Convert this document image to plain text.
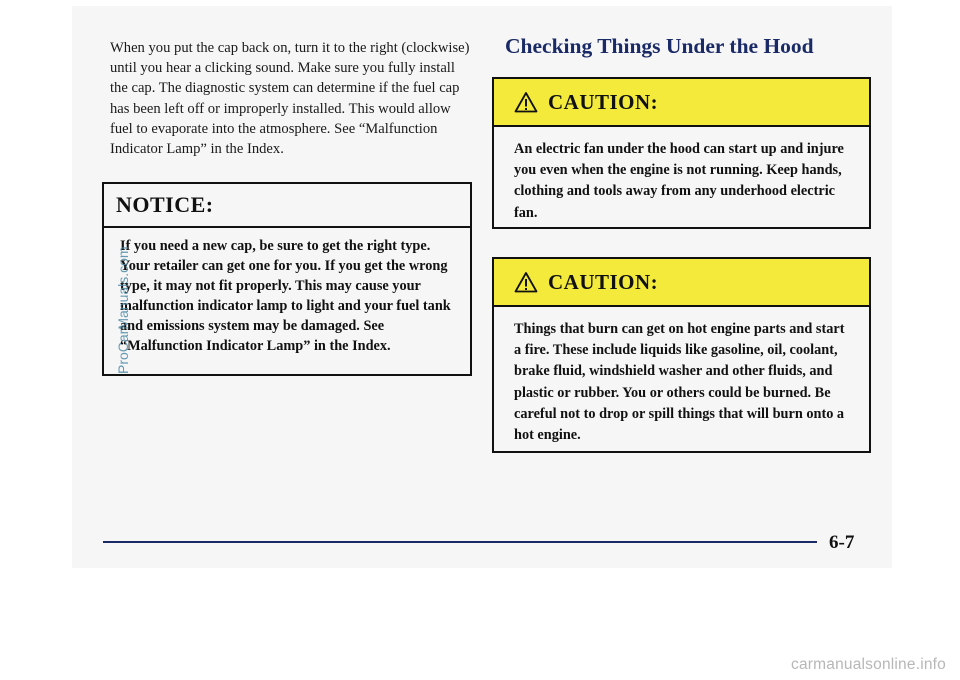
When you put the cap back on, turn it to the right (clockwise) until you hear a clicking sound. Make sure you fully install the cap. The diagnostic system can determine if the fuel cap has been left off or improperly installed. This would allow fuel to evaporate into the atmosphere. See “Malfunction Indicator Lamp” in the Index.

NOTICE:
If you need a new cap, be sure to get the right type. Your retailer can get one for you. If you get the wrong type, it may not fit properly. This may cause your malfunction indicator lamp to light and your fuel tank and emissions system may be damaged. See “Malfunction Indicator Lamp” in the Index.
Checking Things Under the Hood
CAUTION:
An electric fan under the hood can start up and injure you even when the engine is not running. Keep hands, clothing and tools away from any underhood electric fan.
CAUTION:
Things that burn can get on hot engine parts and start a fire. These include liquids like gasoline, oil, coolant, brake fluid, windshield washer and other fluids, and plastic or rubber. You or others could be burned. Be careful not to drop or spill things that will burn onto a hot engine.
6-7
ProCarManuals.com
carmanualsonline.info
